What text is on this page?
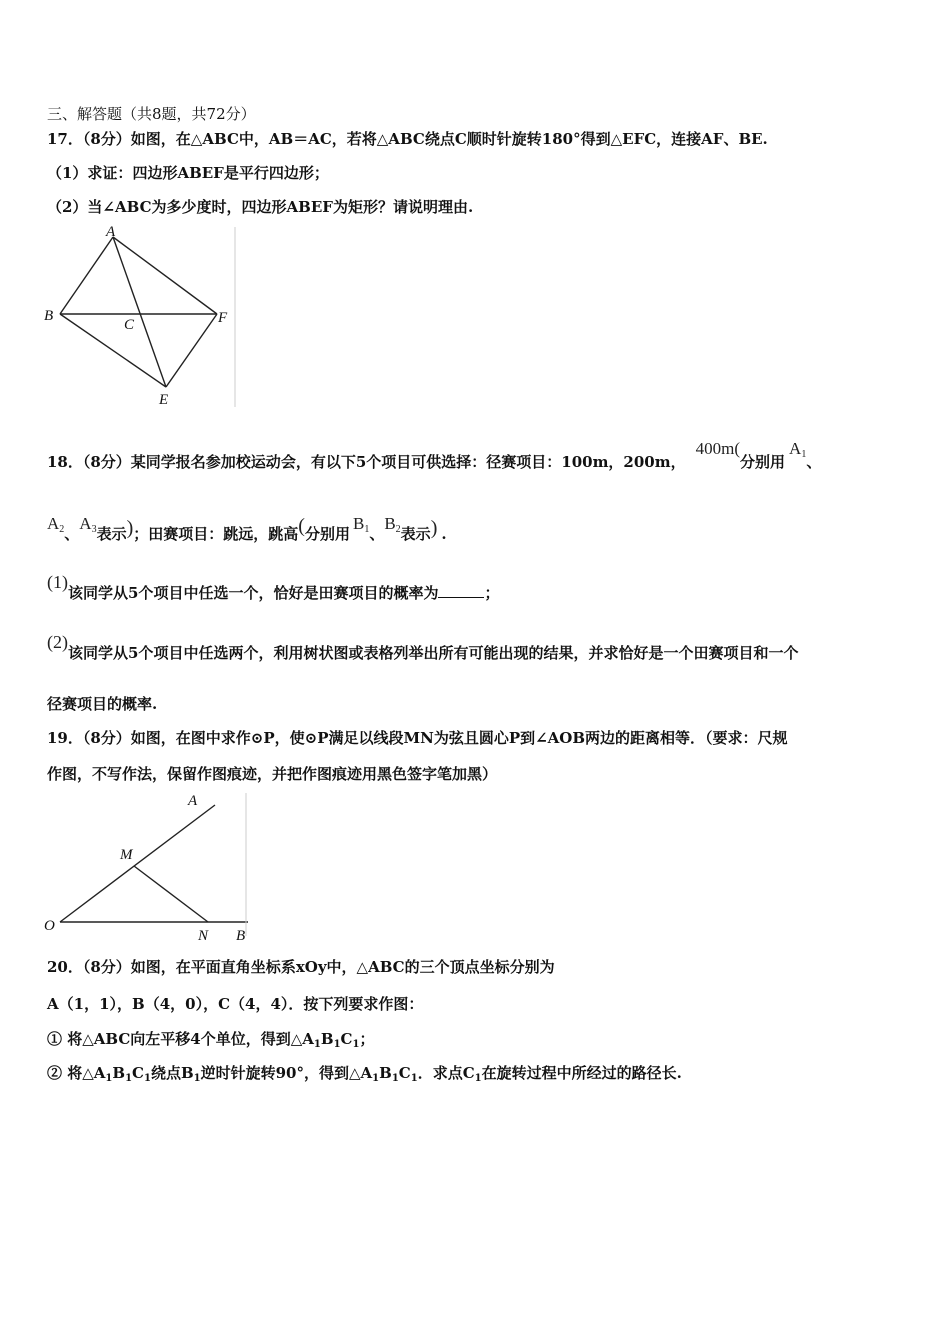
三、解答题（共8题，共72分）
17．（8分）如图，在△ABC中，AB＝AC，若将△ABC绕点C顺时针旋转180°得到△EFC，连接AF、BE.
（1）求证：四边形ABEF是平行四边形；
（2）当∠ABC为多少度时，四边形ABEF为矩形？请说明理由.
A
B
C	F
E
18．（8分）某同学报名参加校运动会，有以下5个项目可供选择：径赛项目：100m，200m，400m(分别用$A_1$、
$A_2$、$A_3$表示)；田赛项目：跳远，跳高(分别用$B_1$、$B_2$表示) .
(1)该同学从5个项目中任选一个，恰好是田赛项目的概率为	；
(2)该同学从5个项目中任选两个，利用树状图或表格列举出所有可能出现的结果，并求恰好是一个田赛项目和一个
径赛项目的概率.
19．（8分）如图，在图中求作⊙P，使⊙P满足以线段MN为弦且圆心P到∠AOB两边的距离相等．（要求：尺规
作图，不写作法，保留作图痕迹，并把作图痕迹用黑色签字笔加黑）
A
M
O
N B
20．（8分）如图，在平面直角坐标系xOy中，△ABC的三个顶点坐标分别为
A（1，1），B（4，0），C（4，4）．按下列要求作图：
① 将△ABC向左平移4个单位，得到$\triangle A_1B_1C_1$；
② 将$\triangle A_1B_1C_1$绕点$B_1$逆时针旋转90°，得到$\triangle A_1B_1C_1$．求点$C_1$在旋转过程中所经过的路径长.
